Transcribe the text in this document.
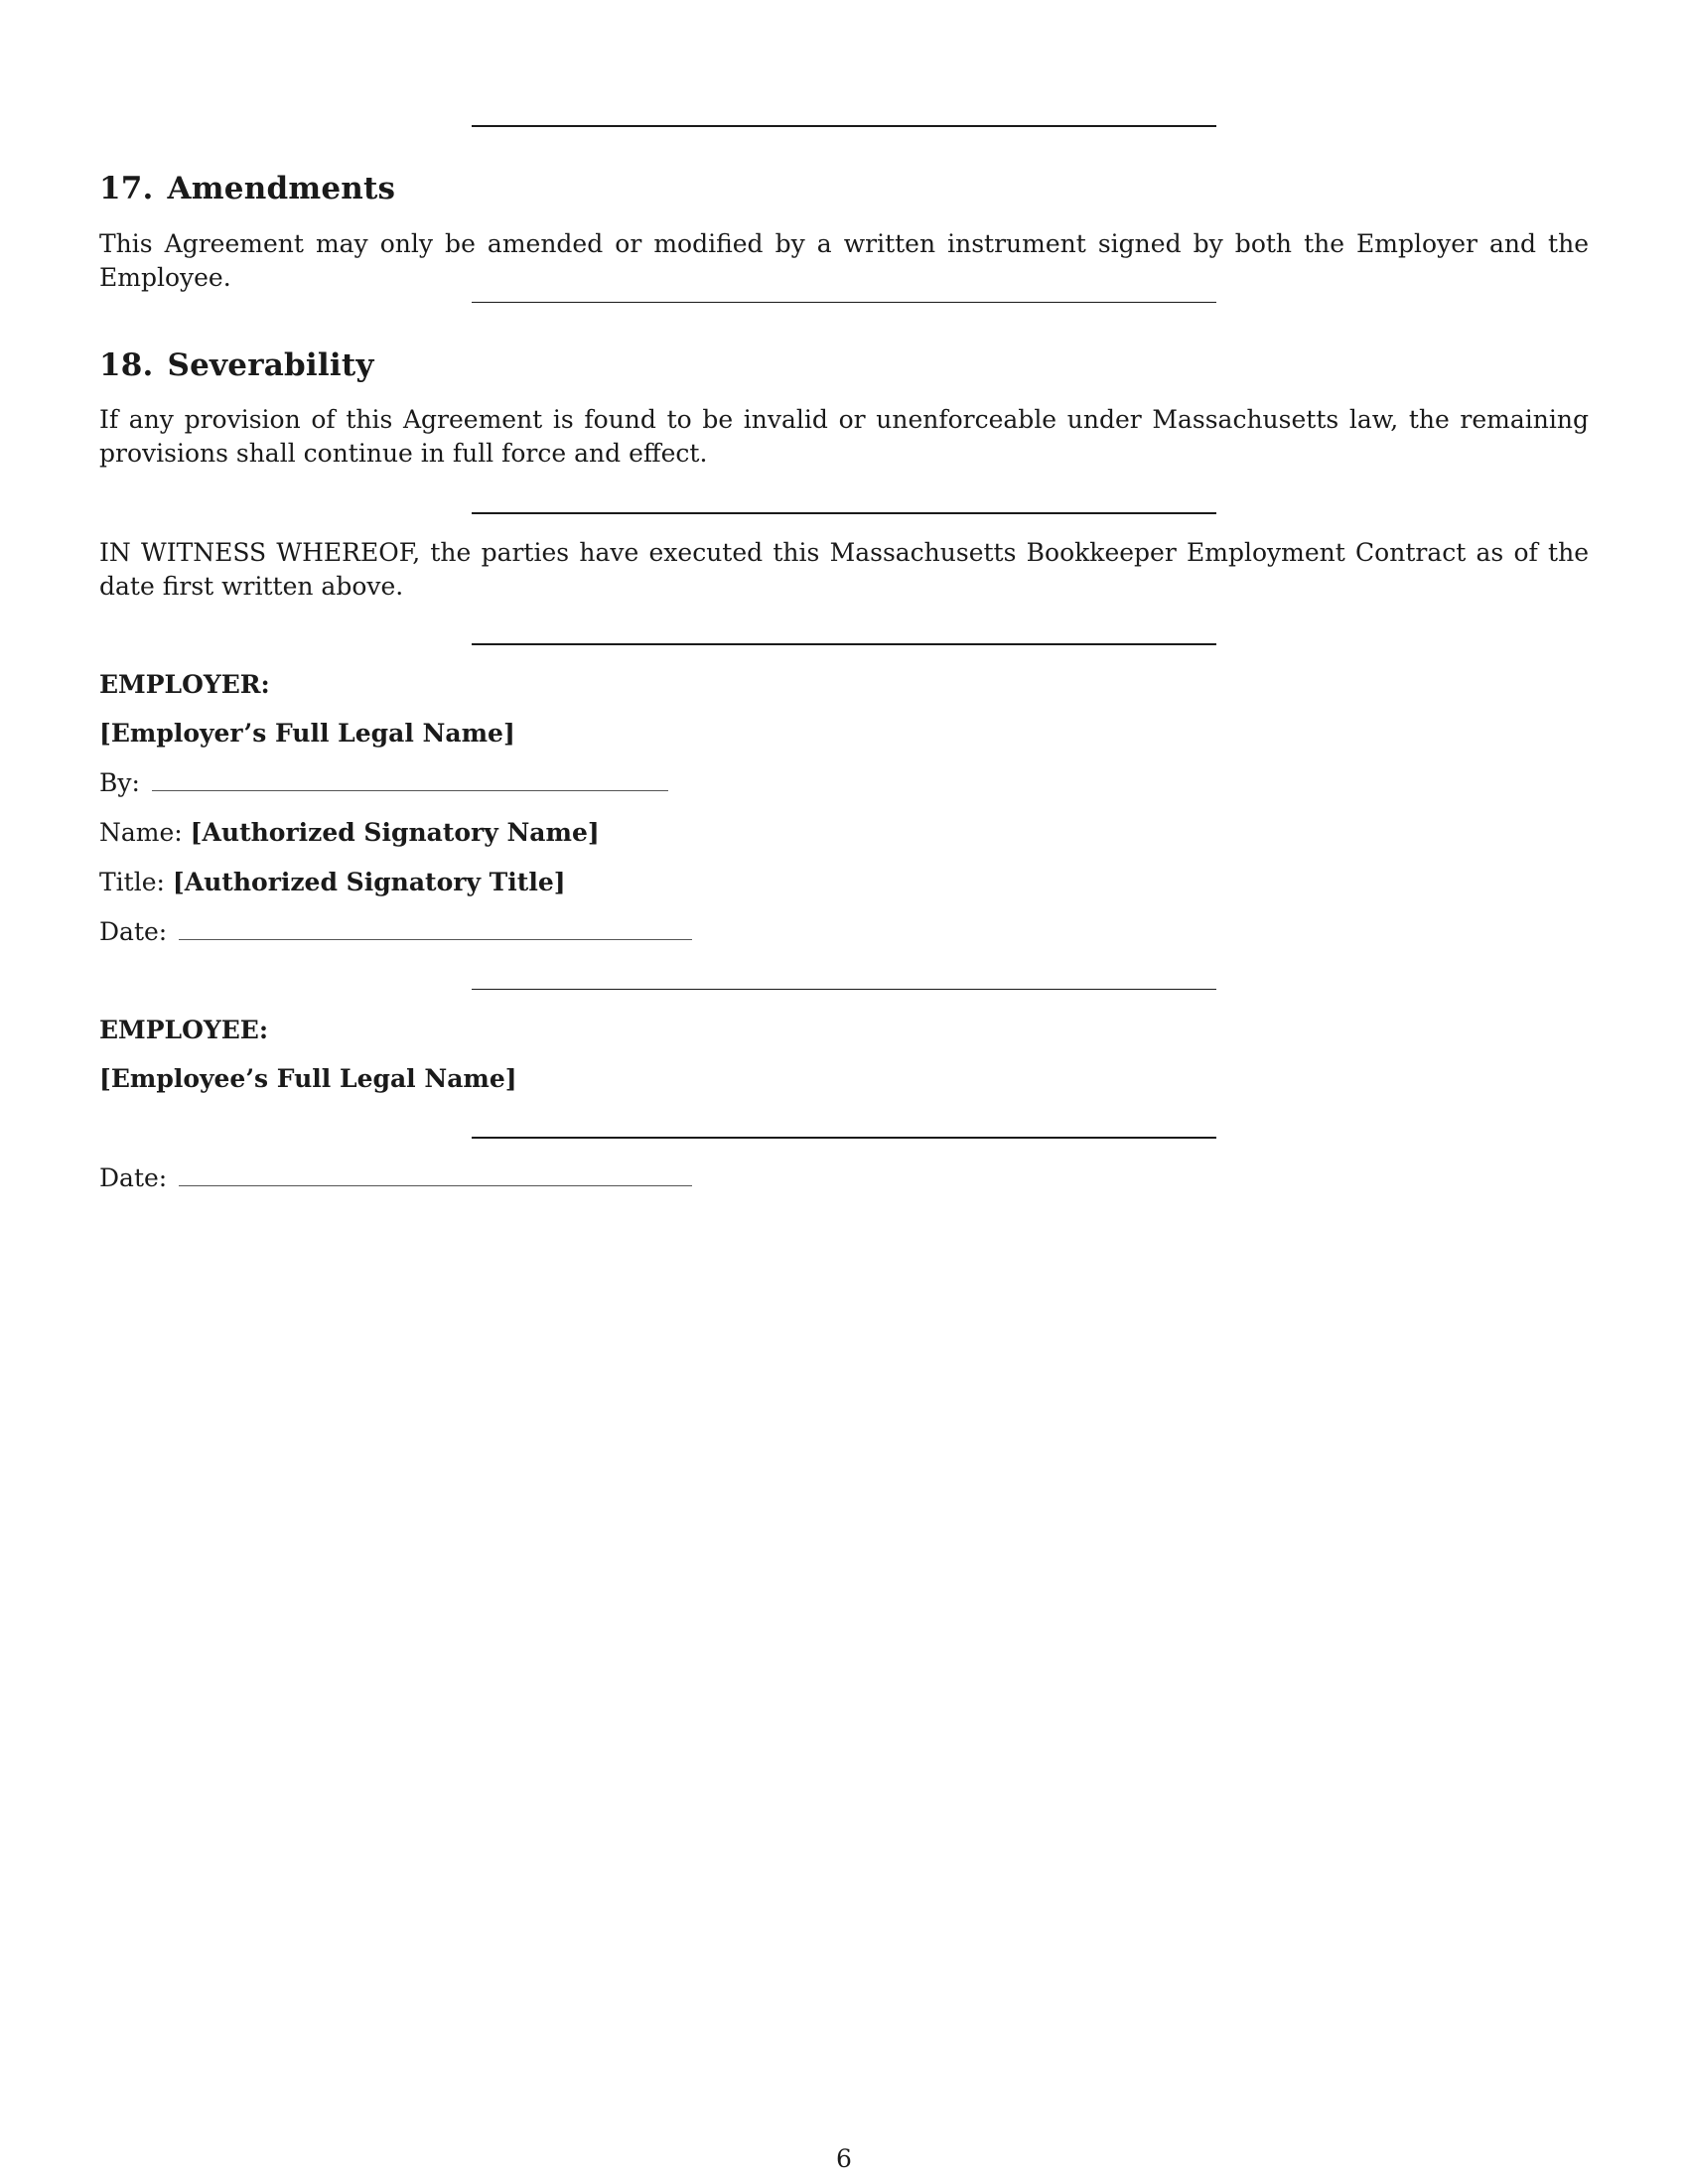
17. Amendments

This Agreement may only be amended or modified by a written instrument signed by both the Employer and the Employee.

18. Severability

If any provision of this Agreement is found to be invalid or unenforceable under Massachusetts law, the remaining provisions shall continue in full force and effect.

IN WITNESS WHEREOF, the parties have executed this Massachusetts Bookkeeper Employment Contract as of the date first written above.

EMPLOYER:

[Employer’s Full Legal Name]

By:

Name: [Authorized Signatory Name]

Title: [Authorized Signatory Title]

Date:

EMPLOYEE:

[Employee’s Full Legal Name]

Date:

6
